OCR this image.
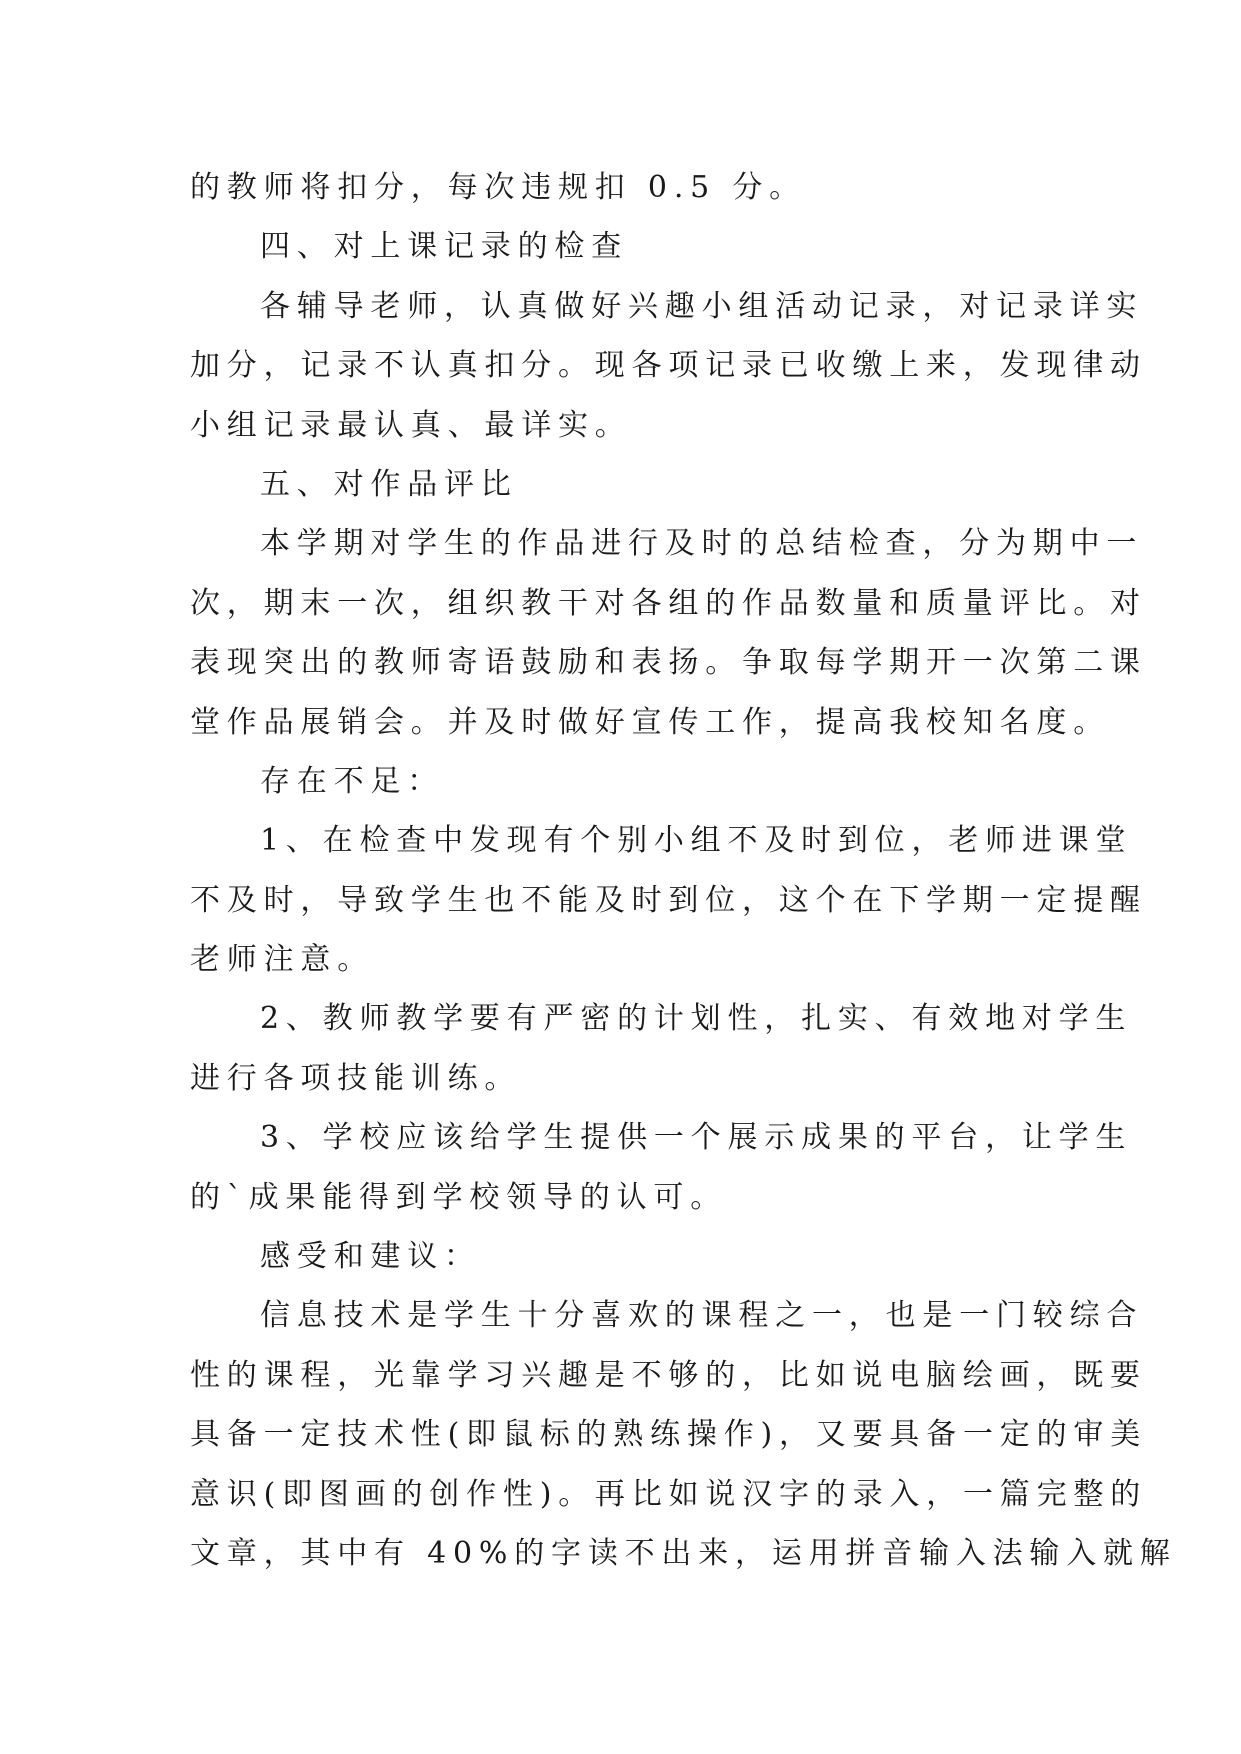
的教师将扣分，每次违规扣 0.5 分。
四、对上课记录的检查
各辅导老师，认真做好兴趣小组活动记录，对记录详实
加分，记录不认真扣分。现各项记录已收缴上来，发现律动
小组记录最认真、最详实。
五、对作品评比
本学期对学生的作品进行及时的总结检查，分为期中一
次，期末一次，组织教干对各组的作品数量和质量评比。对
表现突出的教师寄语鼓励和表扬。争取每学期开一次第二课
堂作品展销会。并及时做好宣传工作，提高我校知名度。
存在不足：
1、在检查中发现有个别小组不及时到位，老师进课堂
不及时，导致学生也不能及时到位，这个在下学期一定提醒
老师注意。
2、教师教学要有严密的计划性，扎实、有效地对学生
进行各项技能训练。
3、学校应该给学生提供一个展示成果的平台，让学生
的`成果能得到学校领导的认可。
感受和建议：
信息技术是学生十分喜欢的课程之一，也是一门较综合
性的课程，光靠学习兴趣是不够的，比如说电脑绘画，既要
具备一定技术性(即鼠标的熟练操作)，又要具备一定的审美
意识(即图画的创作性)。再比如说汉字的录入，一篇完整的
文章，其中有 40%的字读不出来，运用拼音输入法输入就解
